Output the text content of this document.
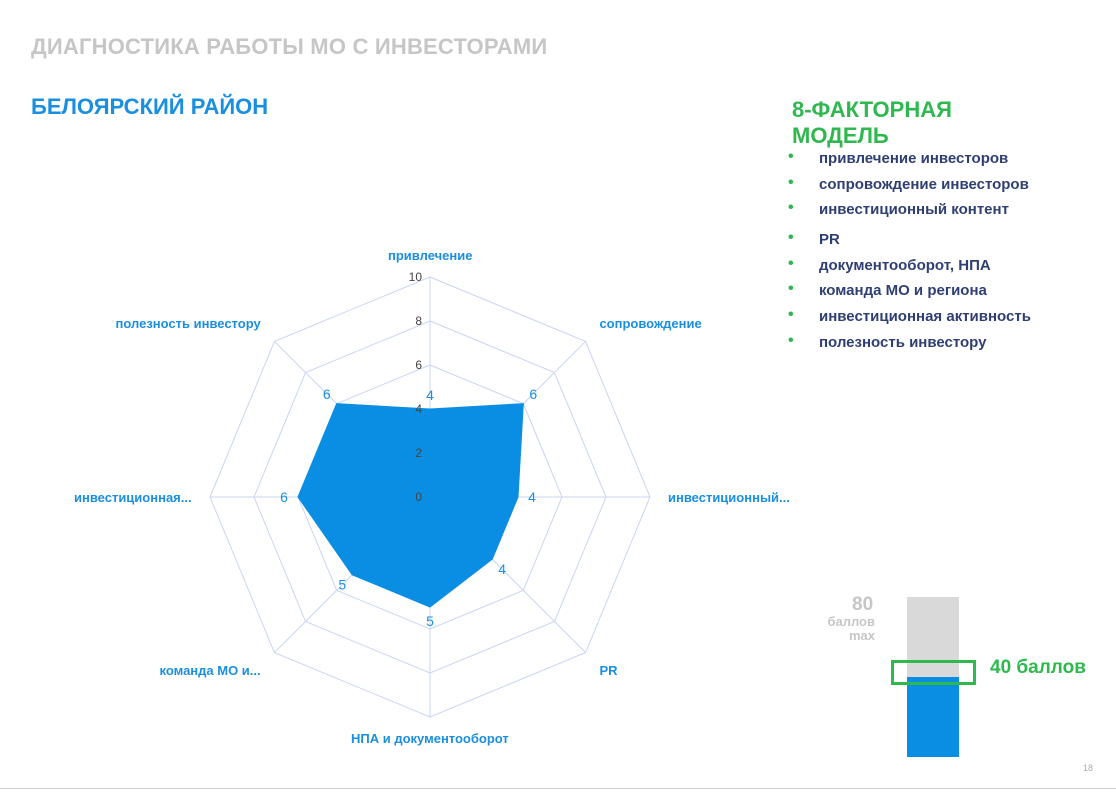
ДИАГНОСТИКА РАБОТЫ МО С ИНВЕСТОРАМИ
БЕЛОЯРСКИЙ РАЙОН	8-ФАКТОРНАЯ МОДЕЛЬ
• привлечение инвесторов
• сопровождение инвесторов
• инвестиционный контент
• PR
• документооборот, НПА
• команда МО и региона
• инвестиционная активность
• полезность инвестору
0
2
4
6
8
10
4	6
4
4
5
5
6
6
привлечение
сопровождение
инвестиционный...
PR
НПА и документооборот
команда МО и...
инвестиционная...
полезность инвестору
80
баллов max
40 баллов
18
